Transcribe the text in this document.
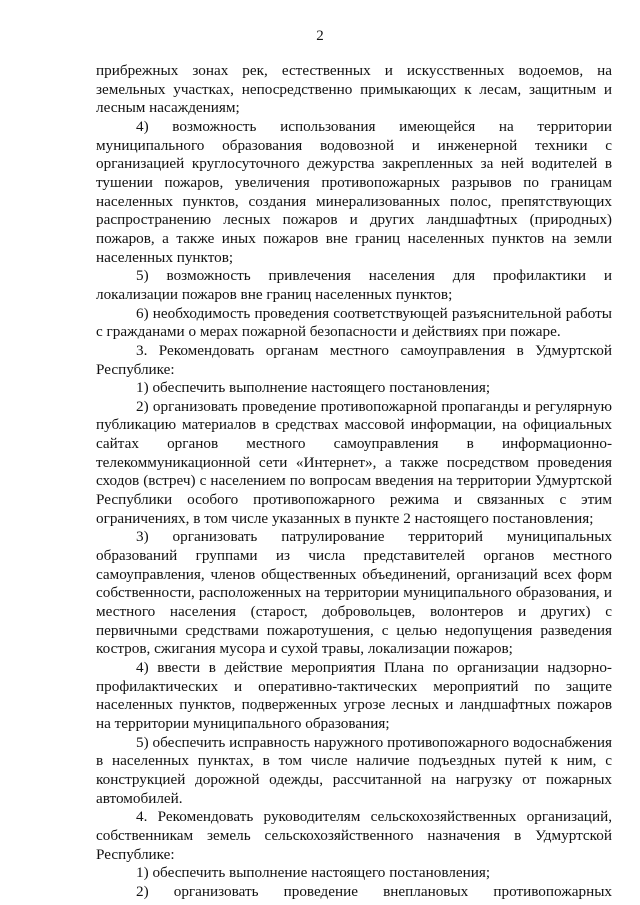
2

прибрежных зонах рек, естественных и искусственных водоемов, на земельных участках, непосредственно примыкающих к лесам, защитным и лесным насаждениям;

4) возможность использования имеющейся на территории муниципального образования водовозной и инженерной техники с организацией круглосуточного дежурства закрепленных за ней водителей в тушении пожаров, увеличения противопожарных разрывов по границам населенных пунктов, создания минерализованных полос, препятствующих распространению лесных пожаров и других ландшафтных (природных) пожаров, а также иных пожаров вне границ населенных пунктов на земли населенных пунктов;

5) возможность привлечения населения для профилактики и локализации пожаров вне границ населенных пунктов;

6) необходимость проведения соответствующей разъяснительной работы с гражданами о мерах пожарной безопасности и действиях при пожаре.

3. Рекомендовать органам местного самоуправления в Удмуртской Республике:

1) обеспечить выполнение настоящего постановления;

2) организовать проведение противопожарной пропаганды и регулярную публикацию материалов в средствах массовой информации, на официальных сайтах органов местного самоуправления в информационно-телекоммуникационной сети «Интернет», а также посредством проведения сходов (встреч) с населением по вопросам введения на территории Удмуртской Республики особого противопожарного режима и связанных с этим ограничениях, в том числе указанных в пункте 2 настоящего постановления;

3) организовать патрулирование территорий муниципальных образований группами из числа представителей органов местного самоуправления, членов общественных объединений, организаций всех форм собственности, расположенных на территории муниципального образования, и местного населения (старост, добровольцев, волонтеров и других) с первичными средствами пожаротушения, с целью недопущения разведения костров, сжигания мусора и сухой травы, локализации пожаров;

4) ввести в действие мероприятия Плана по организации надзорно-профилактических и оперативно-тактических мероприятий по защите населенных пунктов, подверженных угрозе лесных и ландшафтных пожаров на территории муниципального образования;

5) обеспечить исправность наружного противопожарного водоснабжения в населенных пунктах, в том числе наличие подъездных путей к ним, с конструкцией дорожной одежды, рассчитанной на нагрузку от пожарных автомобилей.

4. Рекомендовать руководителям сельскохозяйственных организаций, собственникам земель сельскохозяйственного назначения в Удмуртской Республике:

1) обеспечить выполнение настоящего постановления;

2) организовать проведение внеплановых противопожарных
